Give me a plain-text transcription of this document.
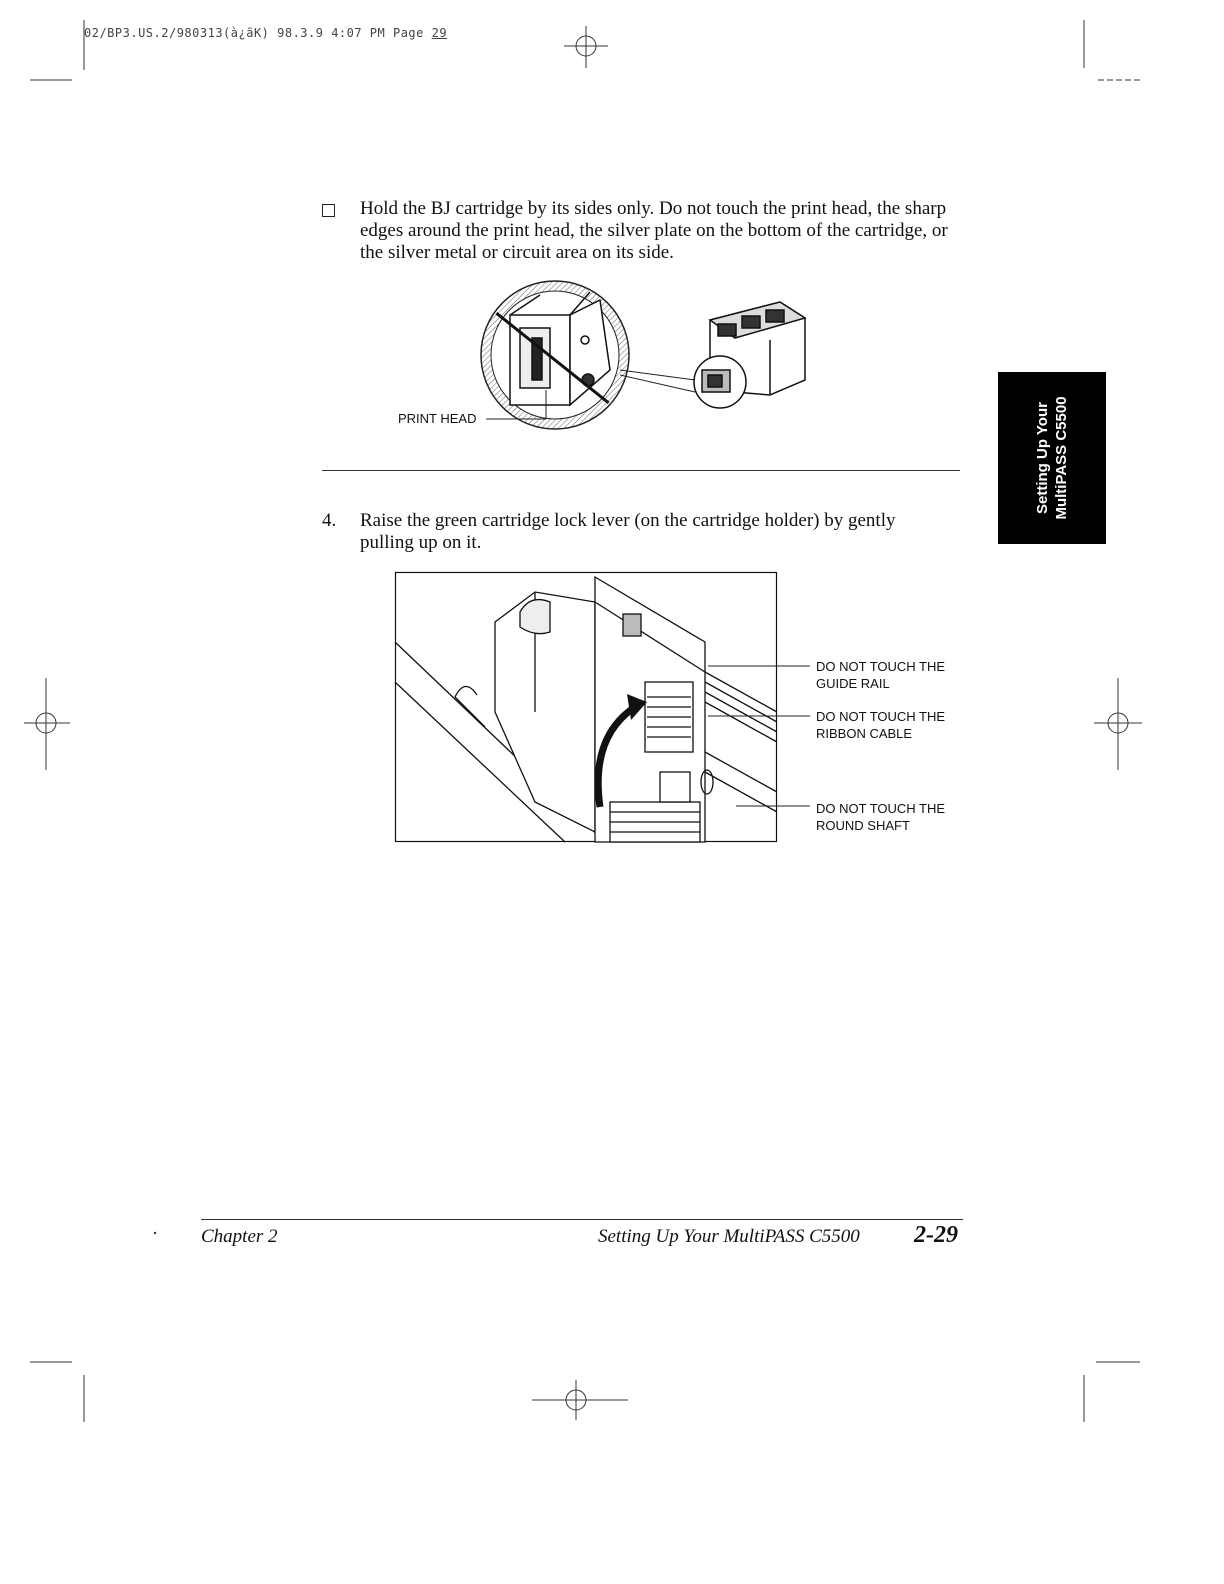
02/BP3.US.2/980313(à¿ãK) 98.3.9 4:07 PM Page 29
Hold the BJ cartridge by its sides only. Do not touch the print head, the sharp edges around the print head, the silver plate on the bottom of the cartridge, or the silver metal or circuit area on its side.
PRINT HEAD
4. Raise the green cartridge lock lever (on the cartridge holder) by gently pulling up on it.
DO NOT TOUCH THE
GUIDE RAIL
DO NOT TOUCH THE
RIBBON CABLE
DO NOT TOUCH THE
ROUND SHAFT
Setting Up Your MultiPASS C5500
Chapter 2	Setting Up Your MultiPASS C5500 2-29
